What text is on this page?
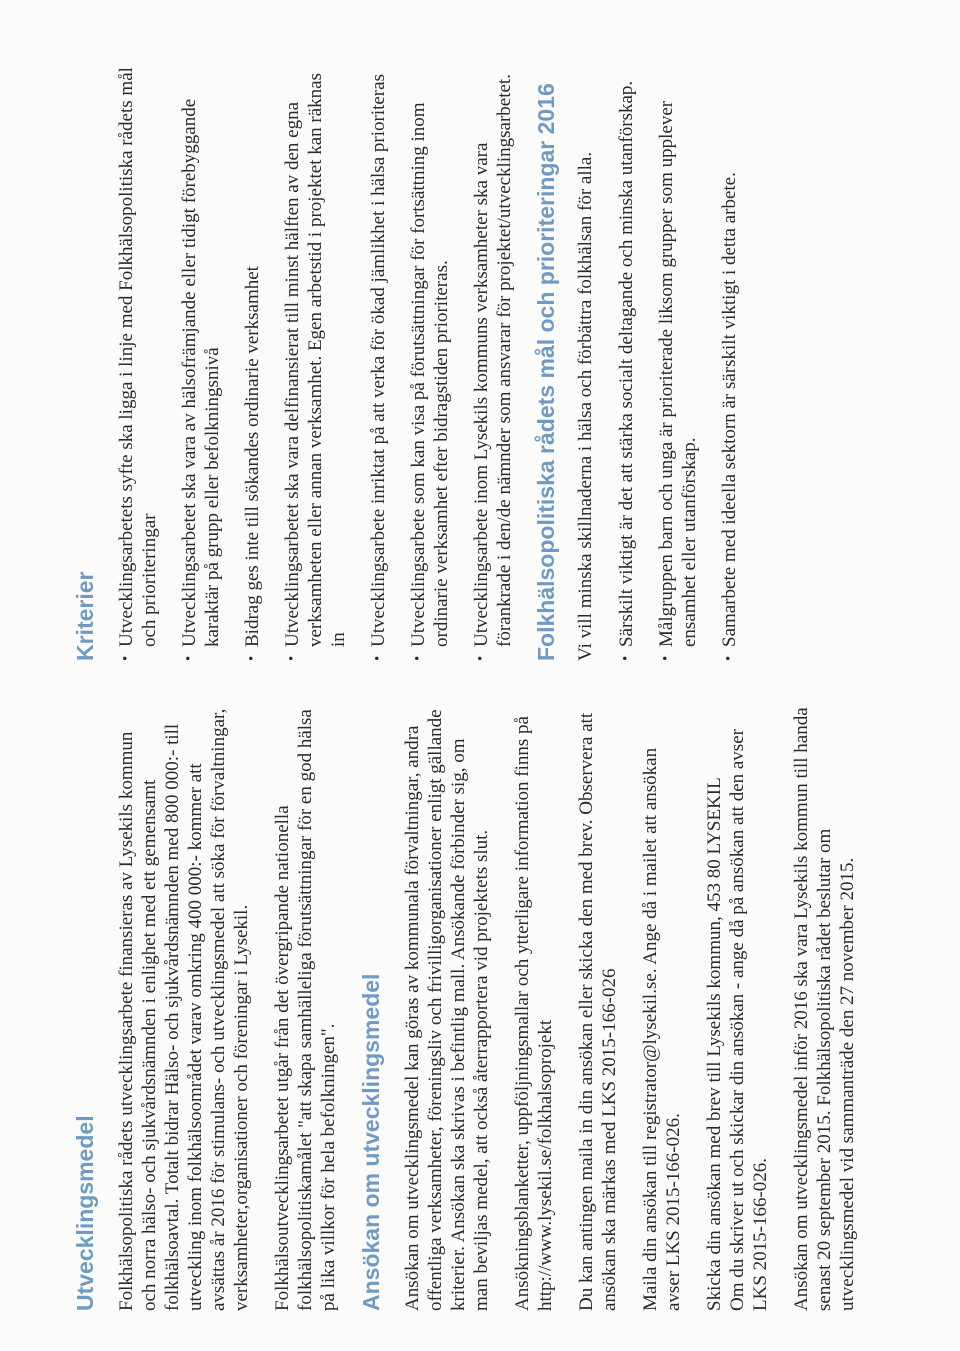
Utvecklingsmedel Folkhälsopolitiska rådets utvecklingsarbete finansieras av Lysekils kommun och norra hälso- och sjukvårdsnämnden i enlighet med ett gemensamt folkhälsoavtal. Totalt bidrar Hälso- och sjukvårdsnämnden med 800 000:- till utveckling inom folkhälsoområdet varav omkring 400 000:- kommer att avsättas år 2016 för stimulans- och utvecklingsmedel att söka för förvaltningar, verksamheter,organisationer och föreningar i Lysekil. Folkhälsoutvecklingsarbetet utgår från det övergripande nationella folkhälsopolitiskamålet "att skapa samhälleliga förutsättningar för en god hälsa på lika villkor för hela befolkningen". Ansökan om utvecklingsmedel Ansökan om utvecklingsmedel kan göras av kommunala förvaltningar, andra offentliga verksamheter, föreningsliv och frivilligorganisationer enligt gällande kriterier. Ansökan ska skrivas i befintlig mall. Ansökande förbinder sig, om man beviljas medel, att också återrapportera vid projektets slut. Ansökningsblanketter, uppföljningsmallar och ytterligare information finns på http://www.lysekil.se/folkhalsoprojekt Du kan antingen maila in din ansökan eller skicka den med brev. Observera att ansökan ska märkas med LKS 2015-166-026 Maila din ansökan till registrator@lysekil.se. Ange då i mailet att ansökan avser LKS 2015-166-026. Skicka din ansökan med brev till Lysekils kommun, 453 80 LYSEKIL Om du skriver ut och skickar din ansökan - ange då på ansökan att den avser LKS 2015-166-026. Ansökan om utvecklingsmedel inför 2016 ska vara Lysekils kommun till handa senast 20 september 2015. Folkhälsopolitiska rådet beslutar om utvecklingsmedel vid sammanträde den 27 november 2015.

Kriterier •
Utvecklingsarbetets syfte ska ligga i linje med Folkhälsopolitiska rådets mål och prioriteringar
•
Utvecklingsarbetet ska vara av hälsofrämjande eller tidigt förebyggande karaktär på grupp eller befolkningsnivå
•
Bidrag ges inte till sökandes ordinarie verksamhet
•
Utvecklingsarbetet ska vara delfinansierat till minst hälften av den egna verksamheten eller annan verksamhet. Egen arbetstid i projektet kan räknas in
•
Utvecklingsarbete inriktat på att verka för ökad jämlikhet i hälsa prioriteras
•
Utvecklingsarbete som kan visa på förutsättningar för fortsättning inom ordinarie verksamhet efter bidragstiden prioriteras.
•
Utvecklingsarbete inom Lysekils kommuns verksamheter ska vara förankrade i den/de nämnder som ansvarar för projektet/utvecklingsarbetet. Folkhälsopolitiska rådets mål och prioriteringar 2016 Vi vill minska skillnaderna i hälsa och förbättra folkhälsan för alla. •
Särskilt viktigt är det att stärka socialt deltagande och minska utanförskap.
•
Målgruppen barn och unga är prioriterade liksom grupper som upplever ensamhet eller utanförskap.
•
Samarbete med ideella sektorn är särskilt viktigt i detta arbete.
